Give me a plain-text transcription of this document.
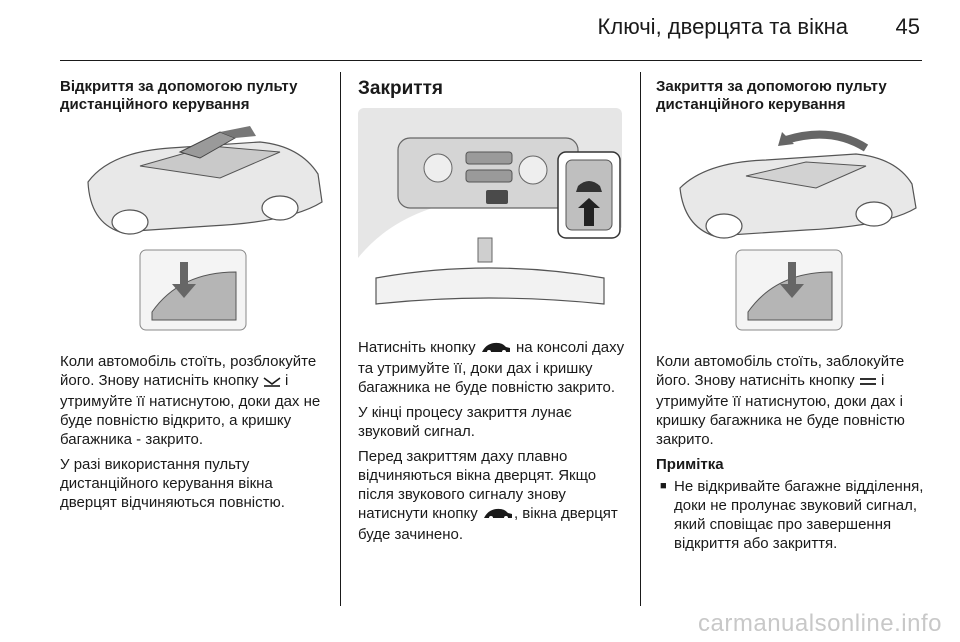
Ключі, дверцята та вікна 45
Відкриття за допомогою пульту дистанційного керування
Коли автомобіль стоїть, розблокуйте його. Знову натисніть кнопку і утримуйте її натиснутою, доки дах не буде повністю відкрито, а кришку багажника - закрито.
У разі використання пульту дистанційного керування вікна дверцят відчиняються повністю.
Закриття
Натисніть кнопку	на консолі даху та утримуйте її, доки дах і кришку багажника не буде повністю закрито.
У кінці процесу закриття лунає звуковий сигнал.
Перед закриттям даху плавно відчиняються вікна дверцят. Якщо після звукового сигналу знову натиснути кнопку , вікна дверцят буде зачинено.
Закриття за допомогою пульту дистанційного керування
Коли автомобіль стоїть, заблокуйте його. Знову натисніть кнопку і утримуйте її натиснутою, доки дах і кришку багажника не буде повністю закрито.
Примітка
■ Не відкривайте багажне відділення, доки не пролунає звуковий сигнал, який сповіщає про завершення відкриття або закриття.
carmanualsonline.info
